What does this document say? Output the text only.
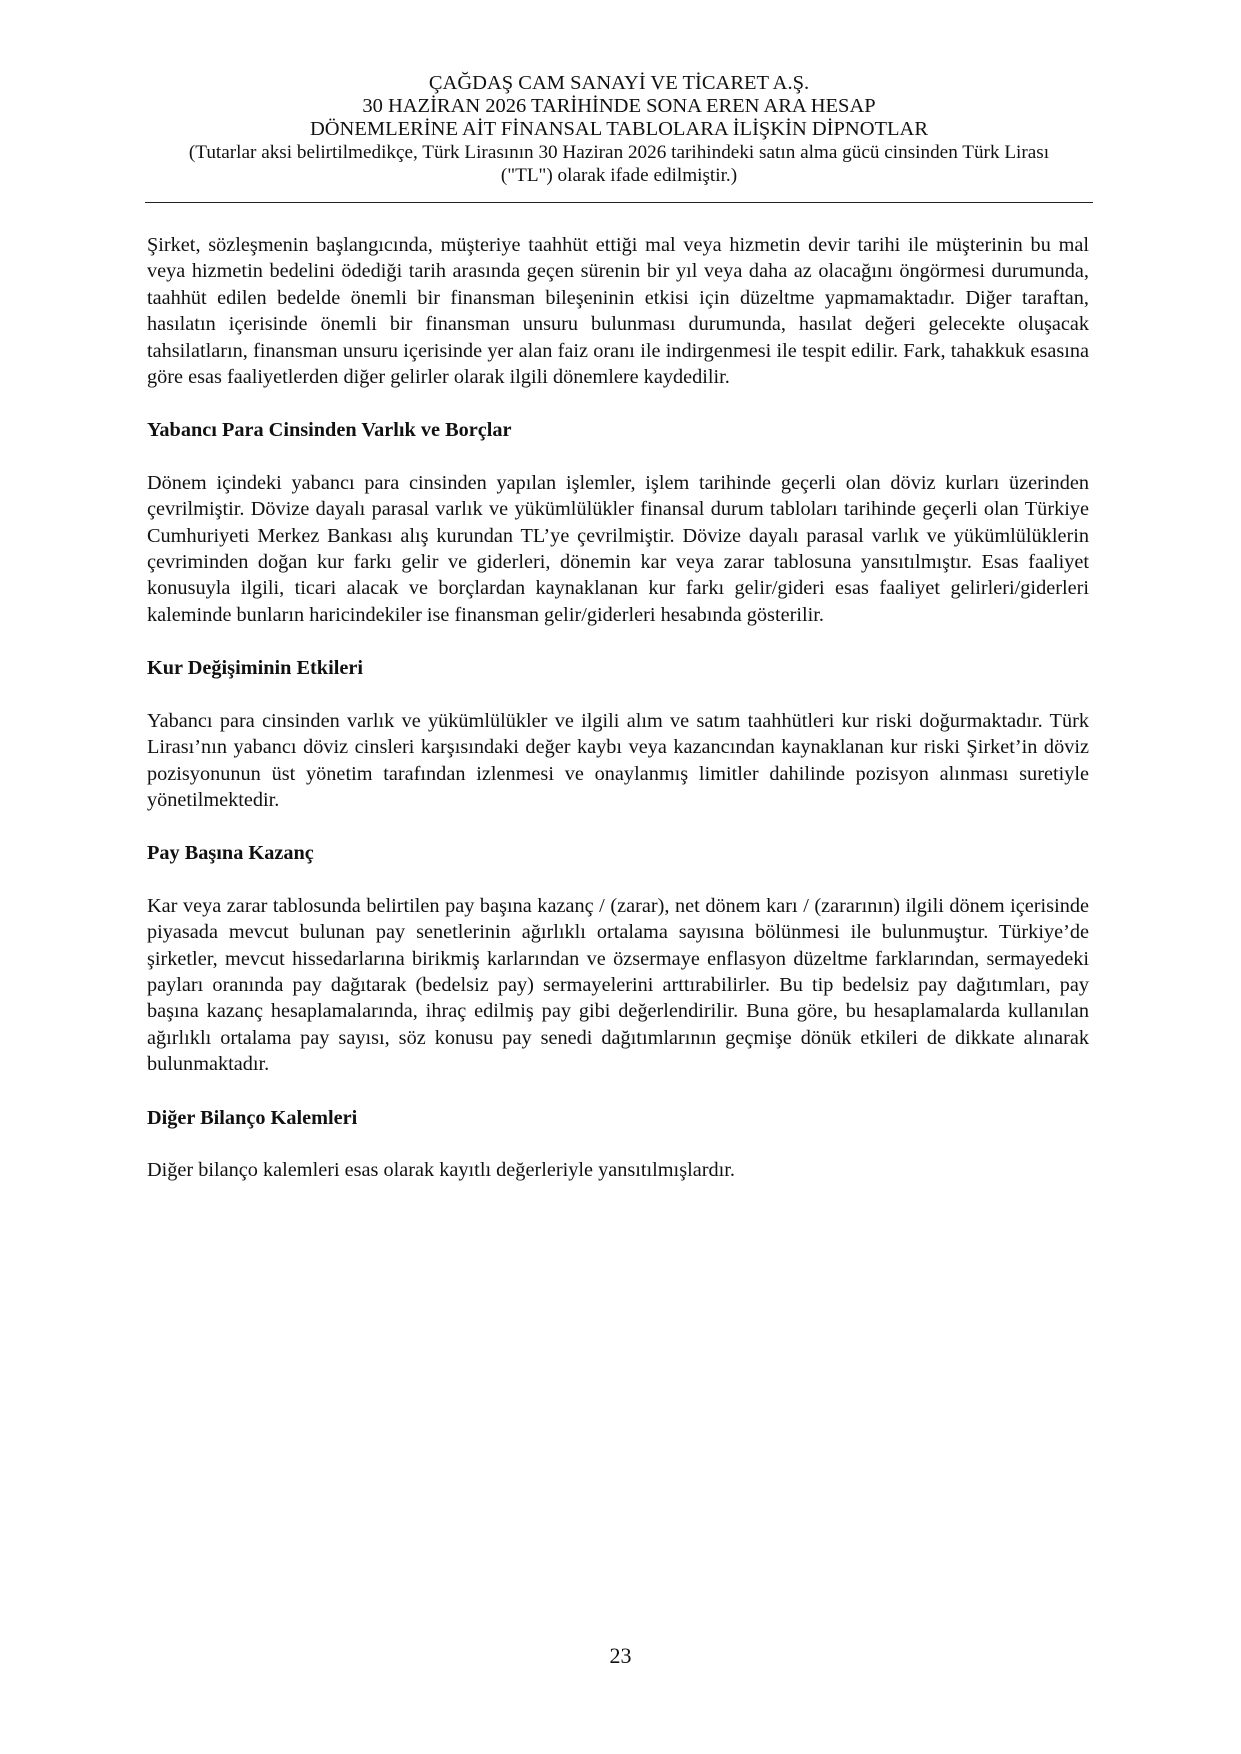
ÇAĞDAŞ CAM SANAYİ VE TİCARET A.Ş.
30 HAZİRAN 2026 TARİHİNDE SONA EREN ARA HESAP
DÖNEMLERİNE AİT FİNANSAL TABLOLARA İLİŞKİN DİPNOTLAR
(Tutarlar aksi belirtilmedikçe, Türk Lirasının 30 Haziran 2026 tarihindeki satın alma gücü cinsinden Türk Lirası
("TL") olarak ifade edilmiştir.)

Şirket, sözleşmenin başlangıcında, müşteriye taahhüt ettiği mal veya hizmetin devir tarihi ile müşterinin bu mal veya hizmetin bedelini ödediği tarih arasında geçen sürenin bir yıl veya daha az olacağını öngörmesi durumunda, taahhüt edilen bedelde önemli bir finansman bileşeninin etkisi için düzeltme yapmamaktadır. Diğer taraftan, hasılatın içerisinde önemli bir finansman unsuru bulunması durumunda, hasılat değeri gelecekte oluşacak tahsilatların, finansman unsuru içerisinde yer alan faiz oranı ile indirgenmesi ile tespit edilir. Fark, tahakkuk esasına göre esas faaliyetlerden diğer gelirler olarak ilgili dönemlere kaydedilir.

Yabancı Para Cinsinden Varlık ve Borçlar

Dönem içindeki yabancı para cinsinden yapılan işlemler, işlem tarihinde geçerli olan döviz kurları üzerinden çevrilmiştir. Dövize dayalı parasal varlık ve yükümlülükler finansal durum tabloları tarihinde geçerli olan Türkiye Cumhuriyeti Merkez Bankası alış kurundan TL’ye çevrilmiştir. Dövize dayalı parasal varlık ve yükümlülüklerin çevriminden doğan kur farkı gelir ve giderleri, dönemin kar veya zarar tablosuna yansıtılmıştır. Esas faaliyet konusuyla ilgili, ticari alacak ve borçlardan kaynaklanan kur farkı gelir/gideri esas faaliyet gelirleri/giderleri kaleminde bunların haricindekiler ise finansman gelir/giderleri hesabında gösterilir.

Kur Değişiminin Etkileri

Yabancı para cinsinden varlık ve yükümlülükler ve ilgili alım ve satım taahhütleri kur riski doğurmaktadır. Türk Lirası’nın yabancı döviz cinsleri karşısındaki değer kaybı veya kazancından kaynaklanan kur riski Şirket’in döviz pozisyonunun üst yönetim tarafından izlenmesi ve onaylanmış limitler dahilinde pozisyon alınması suretiyle yönetilmektedir.

Pay Başına Kazanç

Kar veya zarar tablosunda belirtilen pay başına kazanç / (zarar), net dönem karı / (zararının) ilgili dönem içerisinde piyasada mevcut bulunan pay senetlerinin ağırlıklı ortalama sayısına bölünmesi ile bulunmuştur. Türkiye’de şirketler, mevcut hissedarlarına birikmiş karlarından ve özsermaye enflasyon düzeltme farklarından, sermayedeki payları oranında pay dağıtarak (bedelsiz pay) sermayelerini arttırabilirler. Bu tip bedelsiz pay dağıtımları, pay başına kazanç hesaplamalarında, ihraç edilmiş pay gibi değerlendirilir. Buna göre, bu hesaplamalarda kullanılan ağırlıklı ortalama pay sayısı, söz konusu pay senedi dağıtımlarının geçmişe dönük etkileri de dikkate alınarak bulunmaktadır.

Diğer Bilanço Kalemleri

Diğer bilanço kalemleri esas olarak kayıtlı değerleriyle yansıtılmışlardır.

23
